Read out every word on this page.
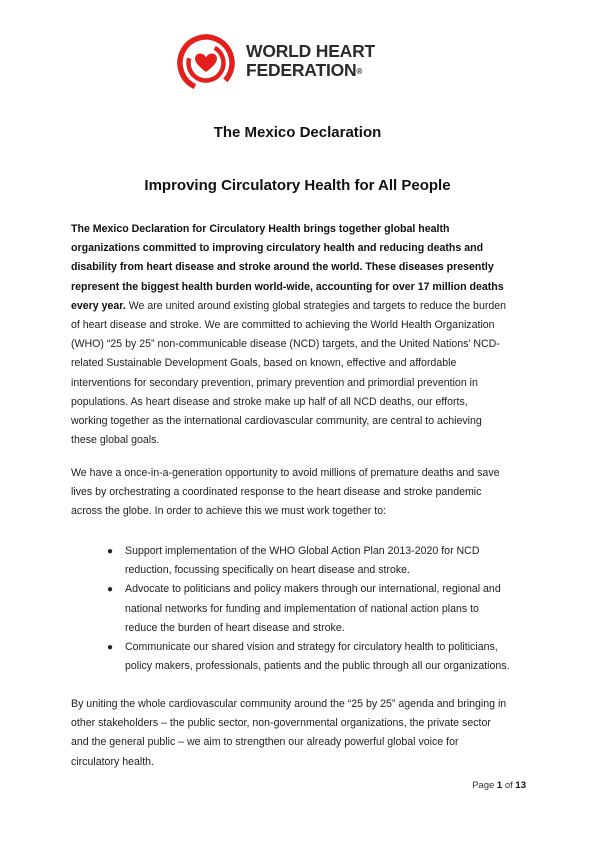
WORLD HEART
FEDERATION®
The Mexico Declaration
Improving Circulatory Health for All People
The Mexico Declaration for Circulatory Health brings together global health
organizations committed to improving circulatory health and reducing deaths and
disability from heart disease and stroke around the world. These diseases presently
represent the biggest health burden world-wide, accounting for over 17 million deaths
every year. We are united around existing global strategies and targets to reduce the burden
of heart disease and stroke. We are committed to achieving the World Health Organization
(WHO) “25 by 25” non-communicable disease (NCD) targets, and the United Nations’ NCD-
related Sustainable Development Goals, based on known, effective and affordable
interventions for secondary prevention, primary prevention and primordial prevention in
populations. As heart disease and stroke make up half of all NCD deaths, our efforts,
working together as the international cardiovascular community, are central to achieving
these global goals.
We have a once-in-a-generation opportunity to avoid millions of premature deaths and save
lives by orchestrating a coordinated response to the heart disease and stroke pandemic
across the globe. In order to achieve this we must work together to:
● Support implementation of the WHO Global Action Plan 2013-2020 for NCD
reduction, focussing specifically on heart disease and stroke.
● Advocate to politicians and policy makers through our international, regional and
national networks for funding and implementation of national action plans to
reduce the burden of heart disease and stroke.
● Communicate our shared vision and strategy for circulatory health to politicians,
policy makers, professionals, patients and the public through all our organizations.
By uniting the whole cardiovascular community around the “25 by 25” agenda and bringing in
other stakeholders – the public sector, non-governmental organizations, the private sector
and the general public – we aim to strengthen our already powerful global voice for
circulatory health.
Page 1 of 13
